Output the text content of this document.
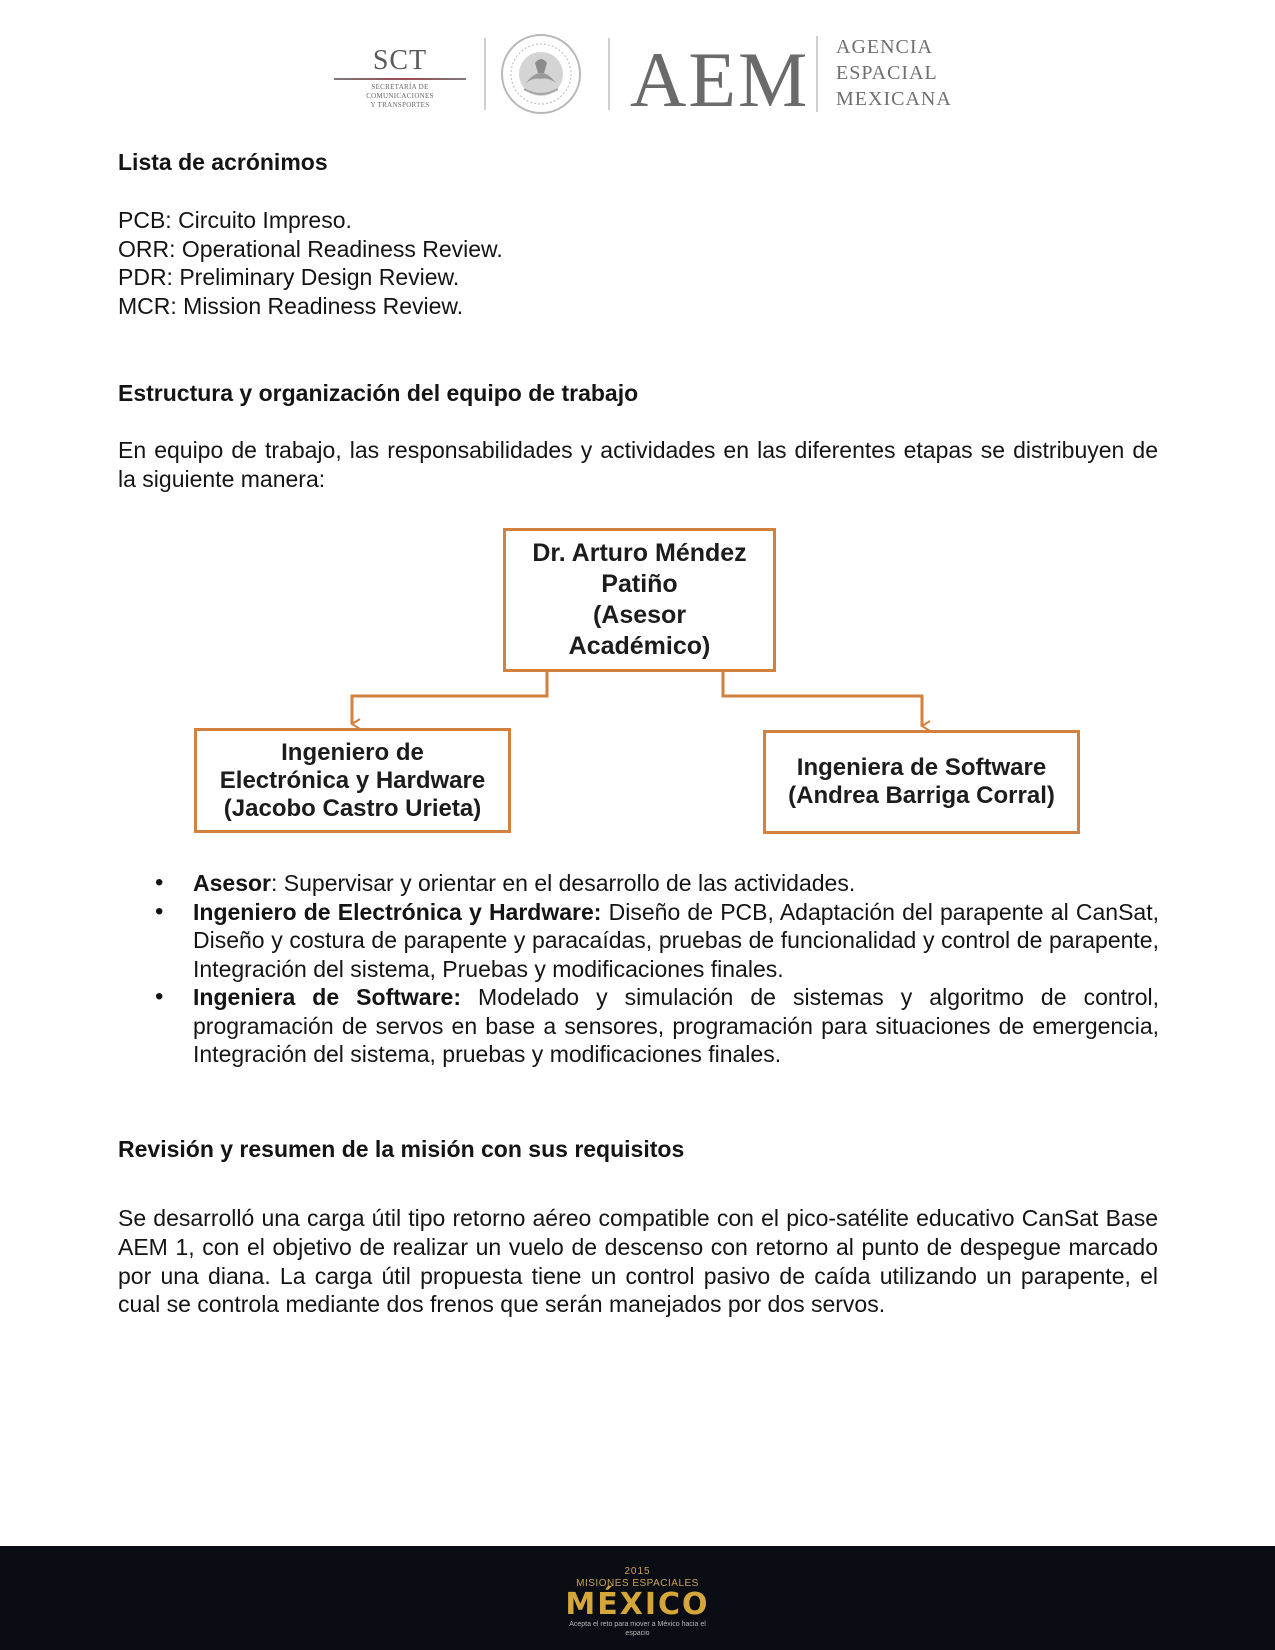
SCT
SECRETARÍA DE
COMUNICACIONES
Y TRANSPORTES	AEM AGENCIA
ESPACIAL
MEXICANA
Lista de acrónimos
PCB: Circuito Impreso.
ORR: Operational Readiness Review.
PDR: Preliminary Design Review.
MCR: Mission Readiness Review.
Estructura y organización del equipo de trabajo
En equipo de trabajo, las responsabilidades y actividades en las diferentes etapas se distribuyen de la siguiente manera:
Dr. Arturo Méndez
Patiño
(Asesor
Académico)
Ingeniero de
Electrónica y Hardware
(Jacobo Castro Urieta)
Ingeniera de Software
(Andrea Barriga Corral)
• Asesor: Supervisar y orientar en el desarrollo de las actividades.
• Ingeniero de Electrónica y Hardware: Diseño de PCB, Adaptación del parapente al CanSat, Diseño y costura de parapente y paracaídas, pruebas de funcionalidad y control de parapente, Integración del sistema, Pruebas y modificaciones finales.
• Ingeniera de Software: Modelado y simulación de sistemas y algoritmo de control, programación de servos en base a sensores, programación para situaciones de emergencia, Integración del sistema, pruebas y modificaciones finales.
Revisión y resumen de la misión con sus requisitos
Se desarrolló una carga útil tipo retorno aéreo compatible con el pico-satélite educativo CanSat Base AEM 1, con el objetivo de realizar un vuelo de descenso con retorno al punto de despegue marcado por una diana. La carga útil propuesta tiene un control pasivo de caída utilizando un parapente, el cual se controla mediante dos frenos que serán manejados por dos servos.
2015
MISIONES ESPACIALES
MÉXICO
Acepta el reto para mover a México hacia el espacio
